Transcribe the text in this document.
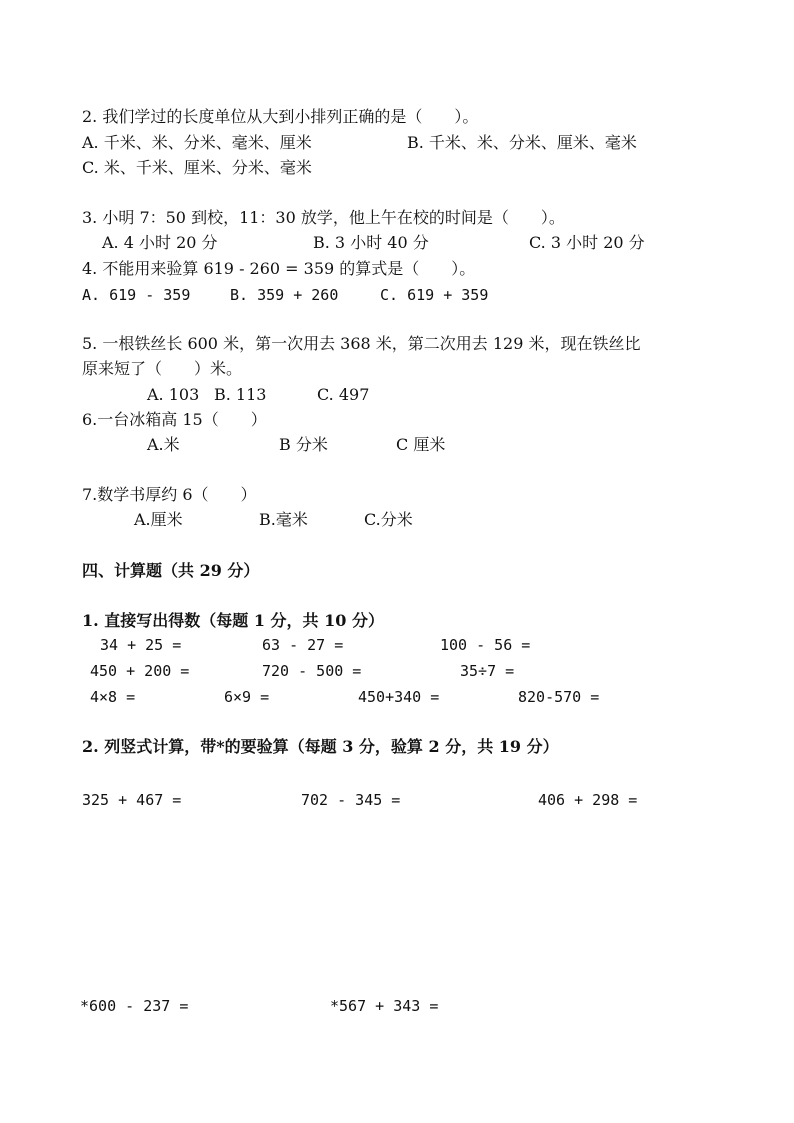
2. 我们学过的长度单位从大到小排列正确的是（　　）。
A. 千米、米、分米、毫米、厘米	B. 千米、米、分米、厘米、毫米
C. 米、千米、厘米、分米、毫米
3. 小明 7：50 到校，11：30 放学，他上午在校的时间是（　　）。
A. 4 小时 20 分	B. 3 小时 40 分	C. 3 小时 20 分
4. 不能用来验算 619 - 260 = 359 的算式是（　　）。
A. 619 - 359	B. 359 + 260	C. 619 + 359
5. 一根铁丝长 600 米，第一次用去 368 米，第二次用去 129 米，现在铁丝比
原来短了（　　）米。
A. 103 B. 113	C. 497
6.一台冰箱高 15（　　）
A.米	B 分米	C 厘米
7.数学书厚约 6（　　）
A.厘米	B.毫米	C.分米
四、计算题（共 29 分）
1. 直接写出得数（每题 1 分，共 10 分）
34 + 25 =	63 - 27 =	100 - 56 =
450 + 200 =	720 - 500 =	35÷7 =
4×8 =	6×9 =	450+340 =	820-570 =
2. 列竖式计算，带*的要验算（每题 3 分，验算 2 分，共 19 分）
325 + 467 =	702 - 345 =	406 + 298 =
*600 - 237 =	*567 + 343 =
